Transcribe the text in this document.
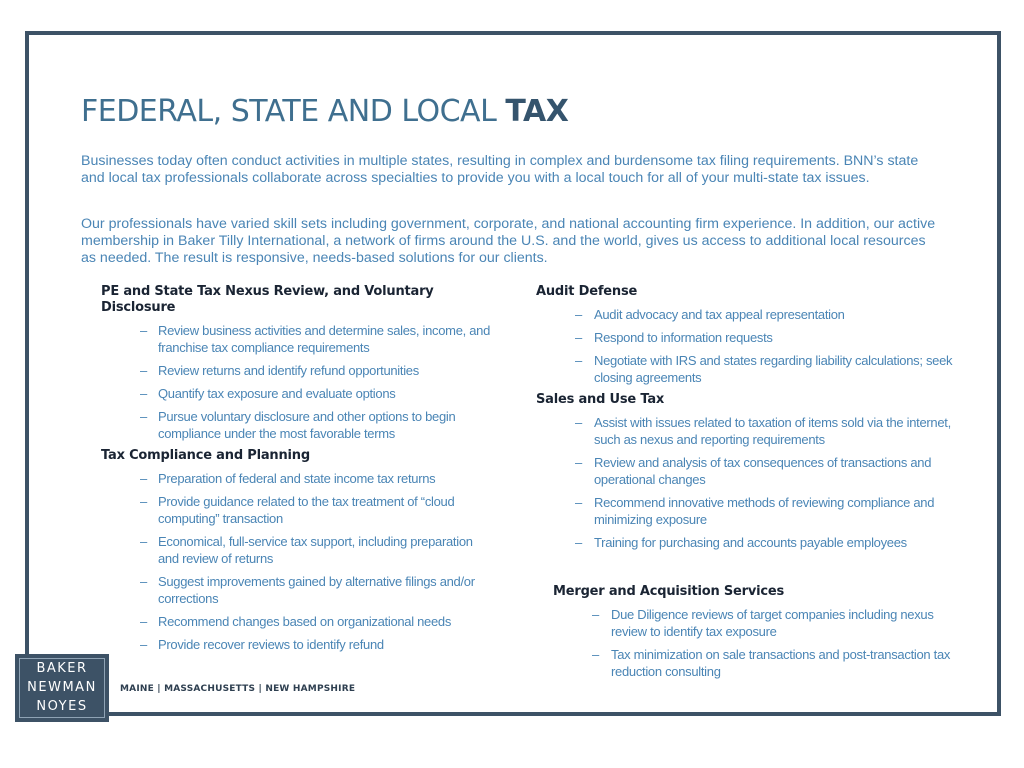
FEDERAL, STATE AND LOCAL TAX

Businesses today often conduct activities in multiple states, resulting in complex and burdensome tax filing requirements. BNN’s state and local tax professionals collaborate across specialties to provide you with a local touch for all of your multi-state tax issues.

Our professionals have varied skill sets including government, corporate, and national accounting firm experience. In addition, our active membership in Baker Tilly International, a network of firms around the U.S. and the world, gives us access to additional local resources as needed. The result is responsive, needs-based solutions for our clients.

PE and State Tax Nexus Review, and Voluntary Disclosure
– Review business activities and determine sales, income, and franchise tax compliance requirements
– Review returns and identify refund opportunities
– Quantify tax exposure and evaluate options
– Pursue voluntary disclosure and other options to begin compliance under the most favorable terms
Tax Compliance and Planning
– Preparation of federal and state income tax returns
– Provide guidance related to the tax treatment of “cloud computing” transaction
– Economical, full-service tax support, including preparation and review of returns
– Suggest improvements gained by alternative filings and/or corrections
– Recommend changes based on organizational needs
– Provide recover reviews to identify refund
Audit Defense
– Audit advocacy and tax appeal representation
– Respond to information requests
– Negotiate with IRS and states regarding liability calculations; seek closing agreements
Sales and Use Tax
– Assist with issues related to taxation of items sold via the internet, such as nexus and reporting requirements
– Review and analysis of tax consequences of transactions and operational changes
– Recommend innovative methods of reviewing compliance and minimizing exposure
– Training for purchasing and accounts payable employees
Merger and Acquisition Services
– Due Diligence reviews of target companies including nexus review to identify tax exposure
– Tax minimization on sale transactions and post-transaction tax reduction consulting
BAKER
NEWMAN
NOYES
MAINE | MASSACHUSETTS | NEW HAMPSHIRE
